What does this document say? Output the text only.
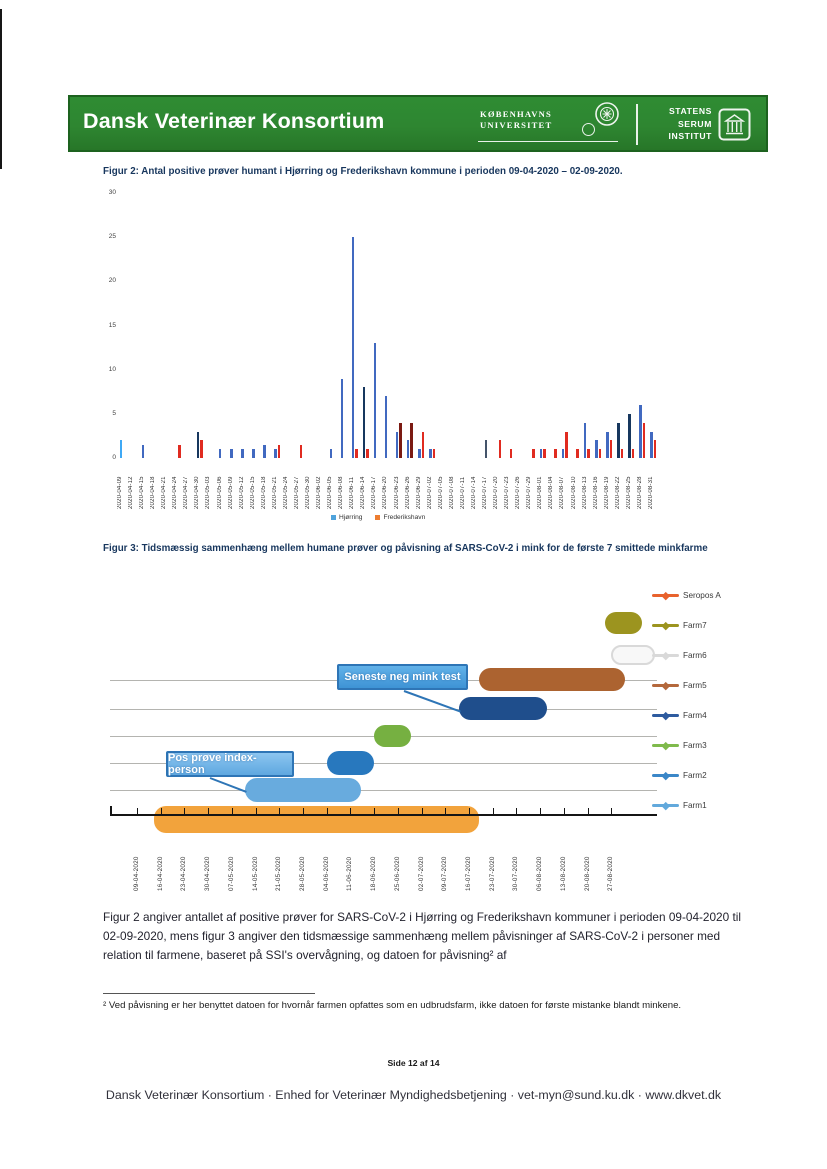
Dansk Veterinær Konsortium	KØBENHAVNS
UNIVERSITET
STATENS
SERUM
INSTITUT
Figur 2: Antal positive prøver humant i Hjørring og Frederikshavn kommune i perioden 09-04-2020 – 02-09-2020.
0
5
10
15
20
25
30
2020-04-09 2020-04-12 2020-04-15 2020-04-18 2020-04-21 2020-04-24 2020-04-27 2020-04-30 2020-05-03 2020-05-06 2020-05-09 2020-05-12 2020-05-15 2020-05-18 2020-05-21 2020-05-24 2020-05-27 2020-05-30 2020-06-02 2020-06-05 2020-06-08 2020-06-11 2020-06-14 2020-06-17 2020-06-20 2020-06-23 2020-06-26 2020-06-29 2020-07-02 2020-07-05 2020-07-08 2020-07-11 2020-07-14 2020-07-17 2020-07-20 2020-07-23 2020-07-26 2020-07-29 2020-08-01 2020-08-04 2020-08-07 2020-08-10 2020-08-13 2020-08-16 2020-08-19 2020-08-22 2020-08-25 2020-08-28 2020-08-31
Hjørring	Frederikshavn
Figur 3: Tidsmæssig sammenhæng mellem humane prøver og påvisning af SARS-CoV-2 i mink for de første 7 smittede minkfarme
09-04-2020	16-04-2020	23-04-2020	30-04-2020	07-05-2020	14-05-2020	21-05-2020	28-05-2020	04-06-2020	11-06-2020	18-06-2020	25-06-2020	02-07-2020	09-07-2020	16-07-2020	23-07-2020	30-07-2020	06-08-2020	13-08-2020	20-08-2020	27-08-2020
Seropos A
Farm7
Farm6
Farm5
Farm4
Farm3
Farm2
Farm1
Seneste neg mink test
Pos prøve index-person

Figur 2 angiver antallet af positive prøver for SARS-CoV-2 i Hjørring og Frederikshavn kommuner i perioden 09-04-2020 til 02-09-2020, mens figur 3 angiver den tidsmæssige sammenhæng mellem påvisninger af SARS-CoV-2 i personer med relation til farmene, baseret på SSI's overvågning, og datoen for påvisning² af

² Ved påvisning er her benyttet datoen for hvornår farmen opfattes som en udbrudsfarm, ikke datoen for første mistanke blandt minkene.

Side 12 af 14
Dansk Veterinær Konsortium · Enhed for Veterinær Myndighedsbetjening · vet-myn@sund.ku.dk · www.dkvet.dk
